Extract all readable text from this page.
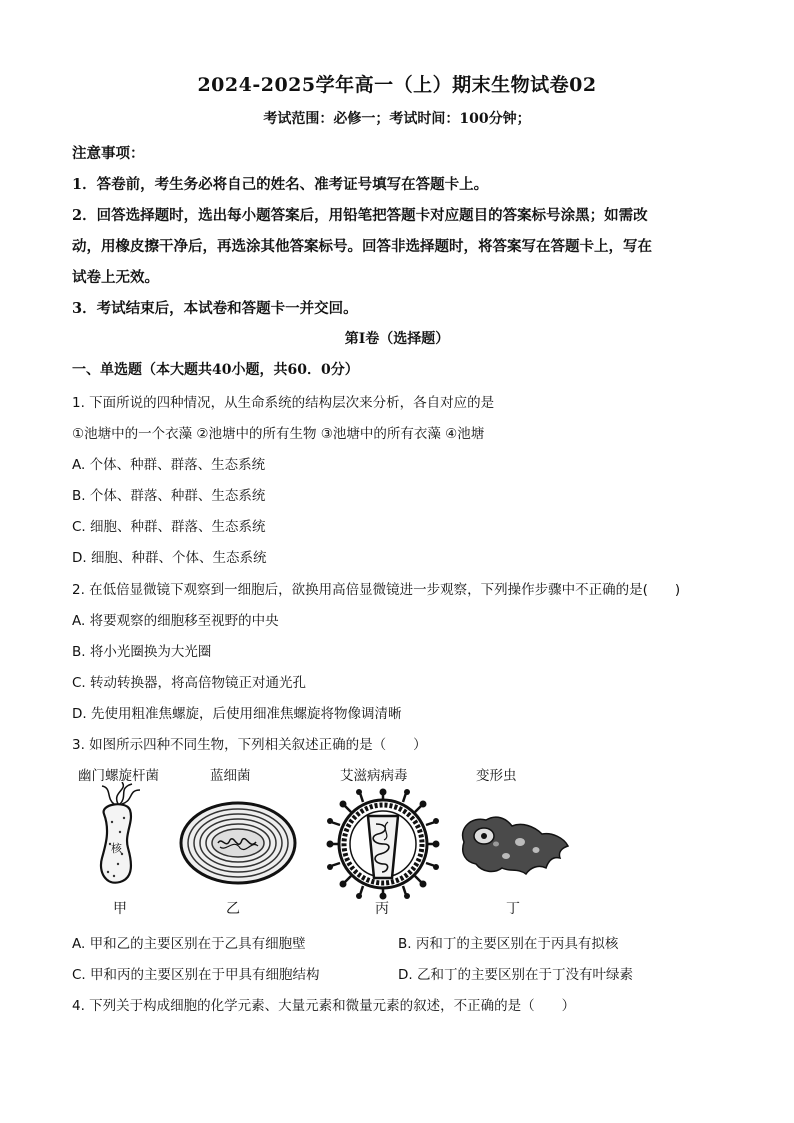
2024-2025学年高一（上）期末生物试卷02
考试范围：必修一；考试时间：100分钟；
注意事项：
1．答卷前，考生务必将自己的姓名、准考证号填写在答题卡上。
2．回答选择题时，选出每小题答案后，用铅笔把答题卡对应题目的答案标号涂黑；如需改
动，用橡皮擦干净后，再选涂其他答案标号。回答非选择题时，将答案写在答题卡上，写在
试卷上无效。
3．考试结束后，本试卷和答题卡一并交回。
第I卷（选择题）
一、单选题（本大题共40小题，共60．0分）
1. 下面所说的四种情况，从生命系统的结构层次来分析，各自对应的是
①池塘中的一个衣藻 ②池塘中的所有生物 ③池塘中的所有衣藻 ④池塘
A. 个体、种群、群落、生态系统
B. 个体、群落、种群、生态系统
C. 细胞、种群、群落、生态系统
D. 细胞、种群、个体、生态系统
2. 在低倍显微镜下观察到一细胞后，欲换用高倍显微镜进一步观察，下列操作步骤中不正确的是(　　)
A. 将要观察的细胞移至视野的中央
B. 将小光圈换为大光圈
C. 转动转换器，将高倍物镜正对通光孔
D. 先使用粗准焦螺旋，后使用细准焦螺旋将物像调清晰
3. 如图所示四种不同生物，下列相关叙述正确的是（　　）
幽门螺旋杆菌	蓝细菌	艾滋病病毒	变形虫
核
甲	乙	丙	丁
A. 甲和乙的主要区别在于乙具有细胞壁	B. 丙和丁的主要区别在于丙具有拟核
C. 甲和丙的主要区别在于甲具有细胞结构	D. 乙和丁的主要区别在于丁没有叶绿素
4. 下列关于构成细胞的化学元素、大量元素和微量元素的叙述，不正确的是（　　）
